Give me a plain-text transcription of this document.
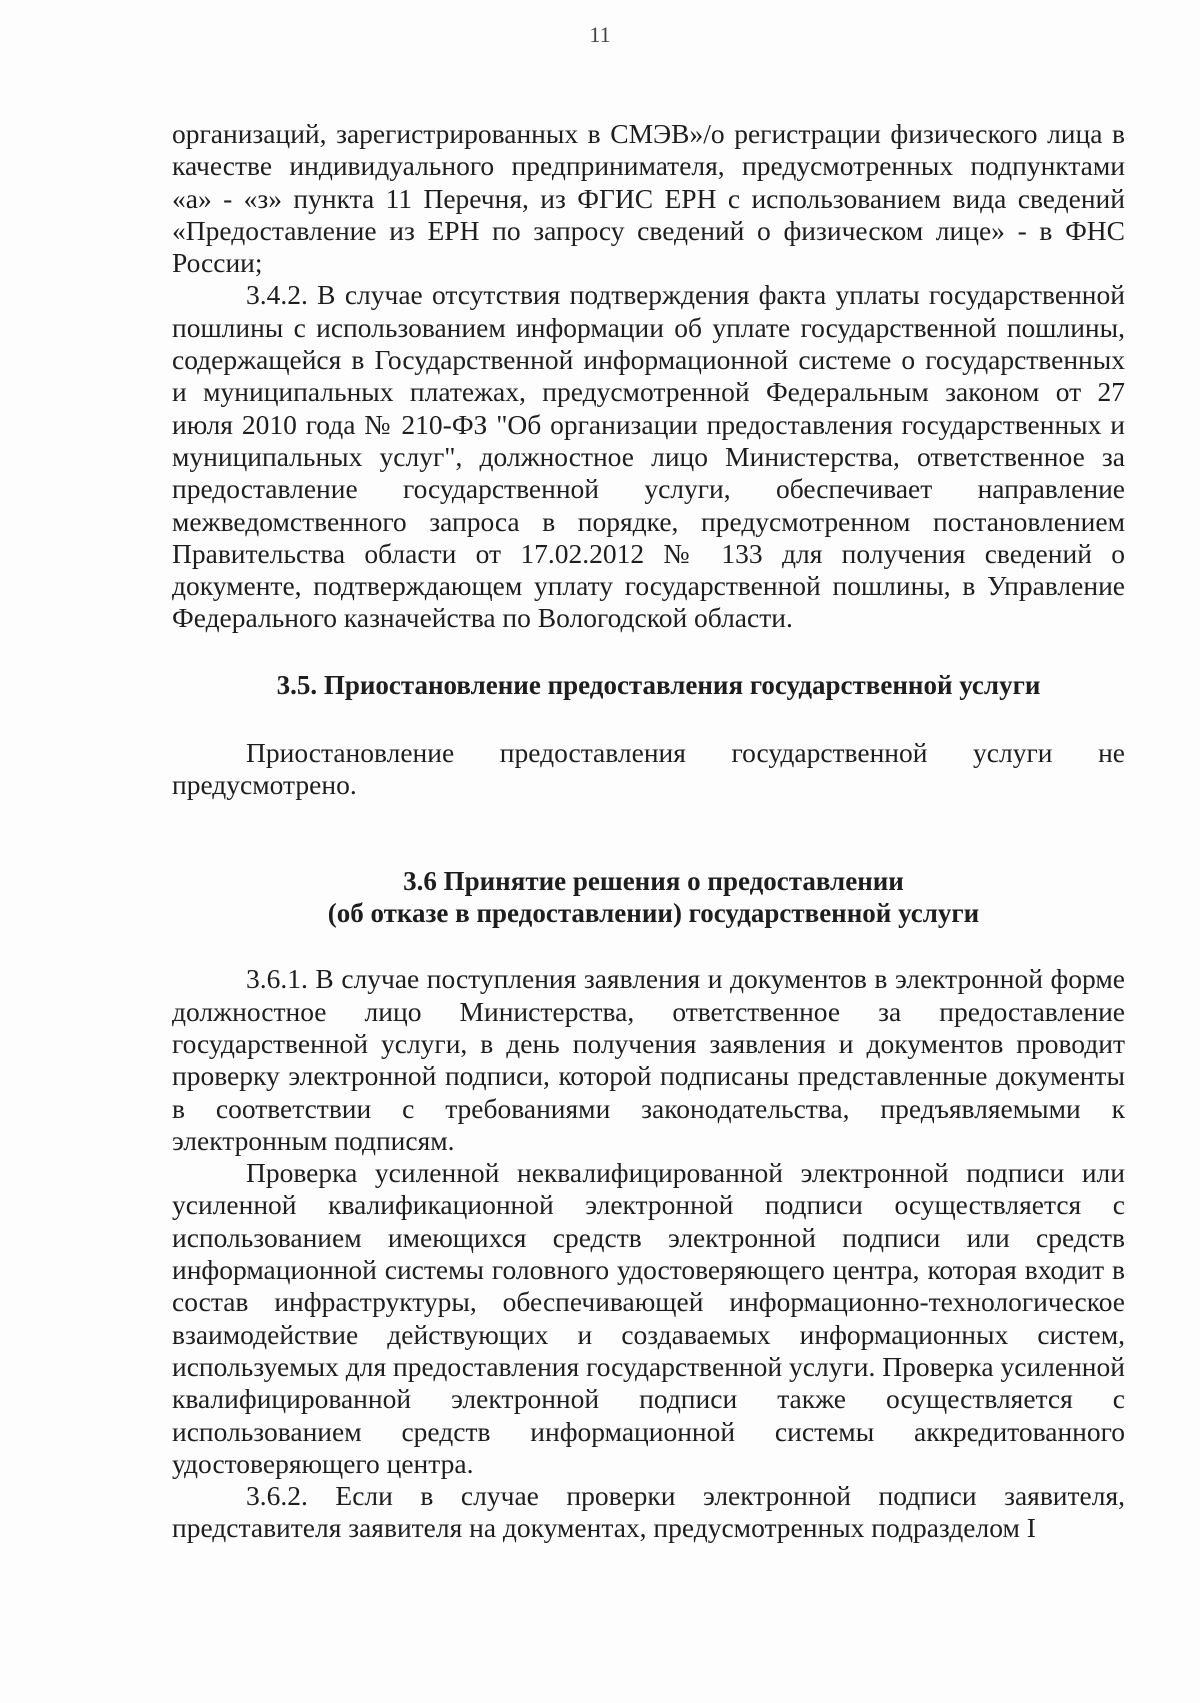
11

организаций, зарегистрированных в СМЭВ»/о регистрации физического лица в качестве индивидуального предпринимателя, предусмотренных подпунктами «а» - «з» пункта 11 Перечня, из ФГИС ЕРН с использованием вида сведений «Предоставление из ЕРН по запросу сведений о физическом лице» - в ФНС России;

3.4.2. В случае отсутствия подтверждения факта уплаты государственной пошлины с использованием информации об уплате государственной пошлины, содержащейся в Государственной информационной системе о государственных и муниципальных платежах, предусмотренной Федеральным законом от 27 июля 2010 года № 210-ФЗ "Об организации предоставления государственных и муниципальных услуг", должностное лицо Министерства, ответственное за предоставление государственной услуги, обеспечивает направление межведомственного запроса в порядке, предусмотренном постановлением Правительства области от 17.02.2012 № 133 для получения сведений о документе, подтверждающем уплату государственной пошлины, в Управление Федерального казначейства по Вологодской области.

3.5. Приостановление предоставления государственной услуги

Приостановление предоставления государственной услуги не предусмотрено.

3.6 Принятие решения о предоставлении
(об отказе в предоставлении) государственной услуги

3.6.1. В случае поступления заявления и документов в электронной форме должностное лицо Министерства, ответственное за предоставление государственной услуги, в день получения заявления и документов проводит проверку электронной подписи, которой подписаны представленные документы в соответствии с требованиями законодательства, предъявляемыми к электронным подписям.

Проверка усиленной неквалифицированной электронной подписи или усиленной квалификационной электронной подписи осуществляется с использованием имеющихся средств электронной подписи или средств информационной системы головного удостоверяющего центра, которая входит в состав инфраструктуры, обеспечивающей информационно-технологическое взаимодействие действующих и создаваемых информационных систем, используемых для предоставления государственной услуги. Проверка усиленной квалифицированной электронной подписи также осуществляется с использованием средств информационной системы аккредитованного удостоверяющего центра.

3.6.2. Если в случае проверки электронной подписи заявителя, представителя заявителя на документах, предусмотренных подразделом I
